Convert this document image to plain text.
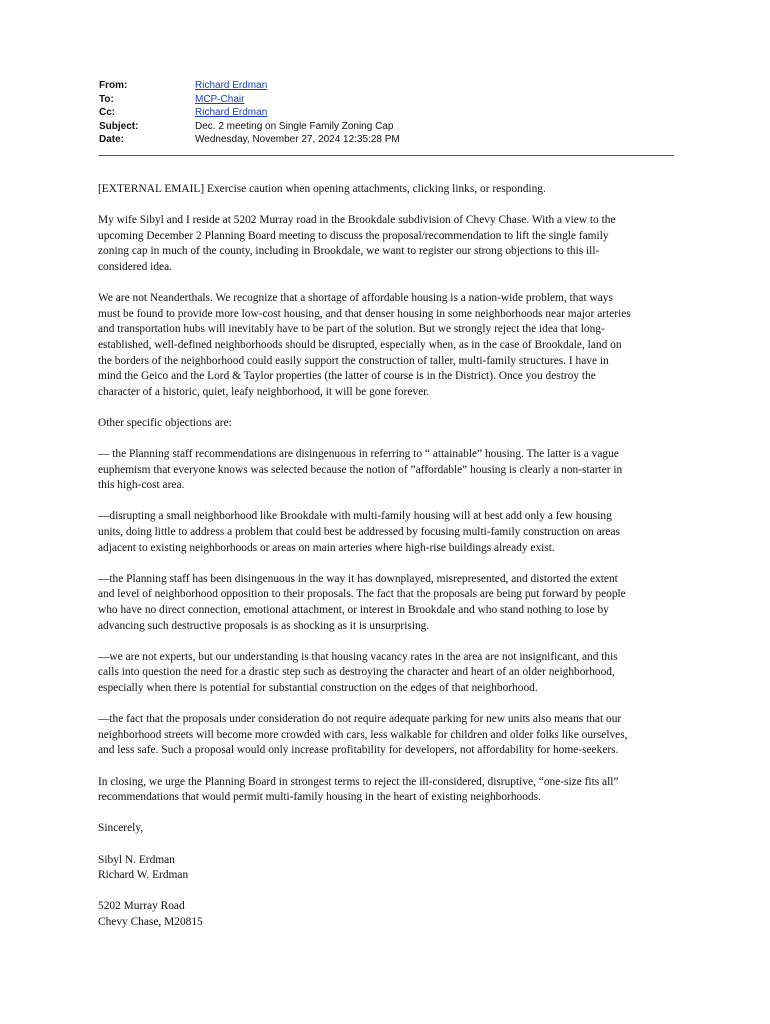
From:	Richard Erdman
To:	MCP-Chair
Cc:	Richard Erdman
Subject:	Dec. 2 meeting on Single Family Zoning Cap
Date:	Wednesday, November 27, 2024 12:35:28 PM
[EXTERNAL EMAIL] Exercise caution when opening attachments, clicking links, or responding.
My wife Sibyl and I reside at 5202 Murray road in the Brookdale subdivision of Chevy Chase. With a view to the
upcoming December 2 Planning Board meeting to discuss the proposal/recommendation to lift the single family
zoning cap in much of the county, including in Brookdale, we want to register our strong objections to this ill-
considered idea.
We are not Neanderthals. We recognize that a shortage of affordable housing is a nation-wide problem, that ways
must be found to provide more low-cost housing, and that denser housing in some neighborhoods near major arteries
and transportation hubs will inevitably have to be part of the solution. But we strongly reject the idea that long-
established, well-defined neighborhoods should be disrupted, especially when, as in the case of Brookdale, land on
the borders of the neighborhood could easily support the construction of taller, multi-family structures. I have in
mind the Geico and the Lord & Taylor properties (the latter of course is in the District). Once you destroy the
character of a historic, quiet, leafy neighborhood, it will be gone forever.
Other specific objections are:
— the Planning staff recommendations are disingenuous in referring to “ attainable” housing. The latter is a vague
euphemism that everyone knows was selected because the notion of ”affordable” housing is clearly a non-starter in
this high-cost area.
—disrupting a small neighborhood like Brookdale with multi-family housing will at best add only a few housing
units, doing little to address a problem that could best be addressed by focusing multi-family construction on areas
adjacent to existing neighborhoods or areas on main arteries where high-rise buildings already exist.
—the Planning staff has been disingenuous in the way it has downplayed, misrepresented, and distorted the extent
and level of neighborhood opposition to their proposals. The fact that the proposals are being put forward by people
who have no direct connection, emotional attachment, or interest in Brookdale and who stand nothing to lose by
advancing such destructive proposals is as shocking as it is unsurprising.
—we are not experts, but our understanding is that housing vacancy rates in the area are not insignificant, and this
calls into question the need for a drastic step such as destroying the character and heart of an older neighborhood,
especially when there is potential for substantial construction on the edges of that neighborhood.
—the fact that the proposals under consideration do not require adequate parking for new units also means that our
neighborhood streets will become more crowded with cars, less walkable for children and older folks like ourselves,
and less safe. Such a proposal would only increase profitability for developers, not affordability for home-seekers.
In closing, we urge the Planning Board in strongest terms to reject the ill-considered, disruptive, “one-size fits all”
recommendations that would permit multi-family housing in the heart of existing neighborhoods.
Sincerely,
Sibyl N. Erdman
Richard W. Erdman
5202 Murray Road
Chevy Chase, M20815
